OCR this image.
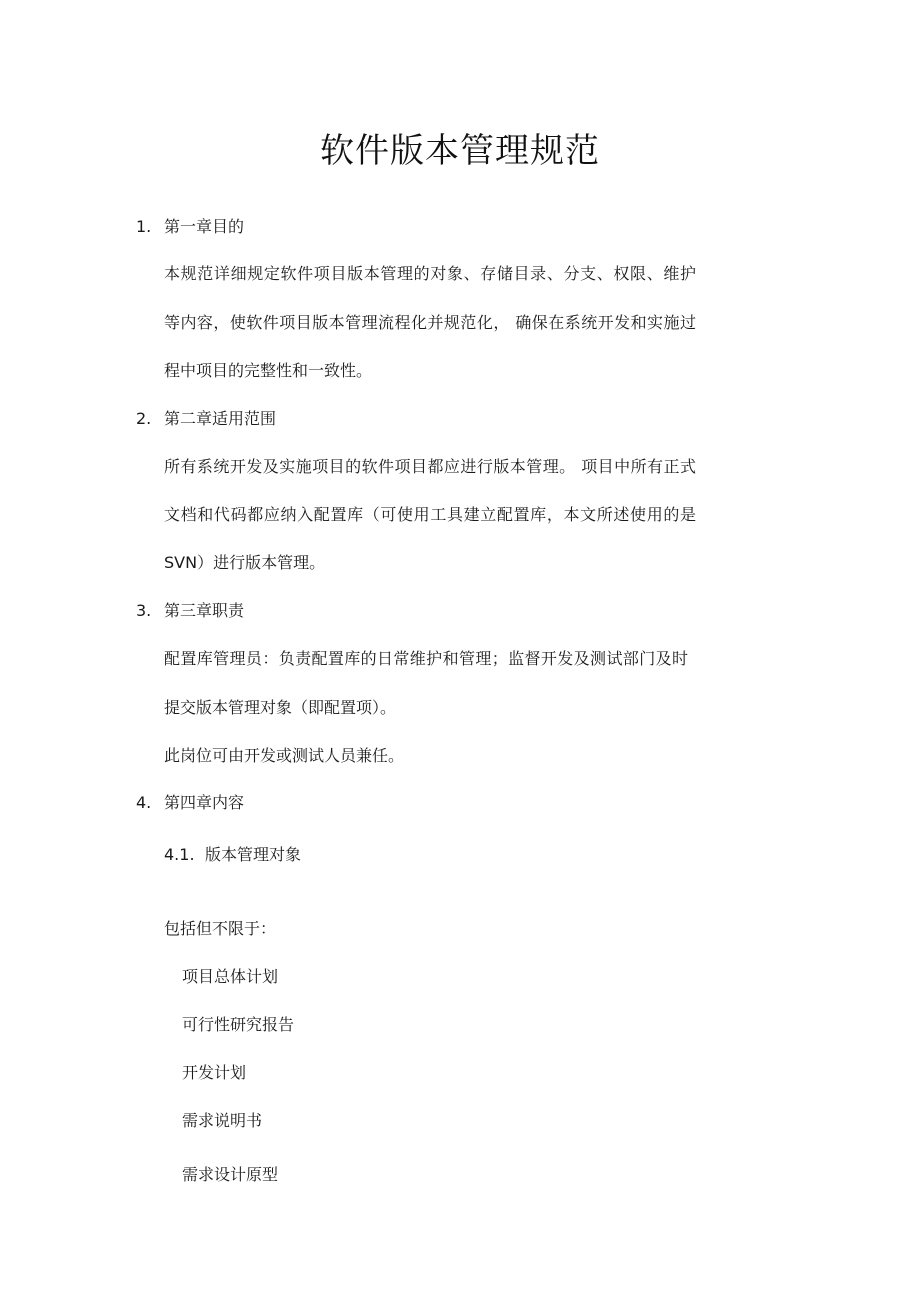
软件版本管理规范
1. 第一章目的
本规范详细规定软件项目版本管理的对象、存储目录、分支、权限、维护
等内容，使软件项目版本管理流程化并规范化， 确保在系统开发和实施过
程中项目的完整性和一致性。
2. 第二章适用范围
所有系统开发及实施项目的软件项目都应进行版本管理。 项目中所有正式
文档和代码都应纳入配置库（可使用工具建立配置库，本文所述使用的是
SVN）进行版本管理。
3. 第三章职责
配置库管理员：负责配置库的日常维护和管理；监督开发及测试部门及时
提交版本管理对象（即配置项）。
此岗位可由开发或测试人员兼任。
4. 第四章内容
4.1. 版本管理对象
包括但不限于：
项目总体计划
可行性研究报告
开发计划
需求说明书
需求设计原型
